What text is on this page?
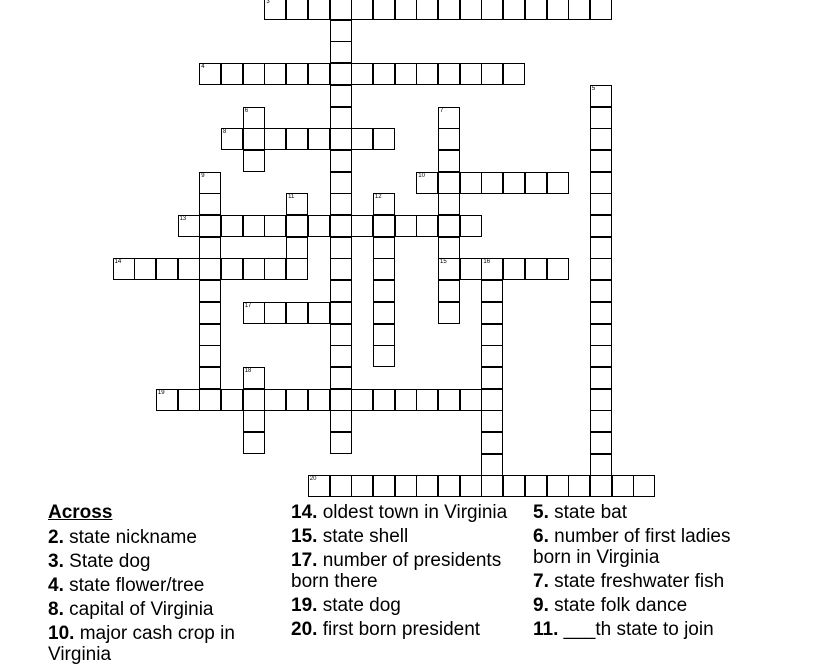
3
4
8
10
13
14	15	16
17
19
20
5
6	7
9
11	12
18
Across
2. state nickname
3. State dog
4. state flower/tree
8. capital of Virginia
10. major cash crop in Virginia
14. oldest town in Virginia
15. state shell
17. number of presidents born there
19. state dog
20. first born president
5. state bat
6. number of first ladies born in Virginia
7. state freshwater fish
9. state folk dance
11. ___th state to join
